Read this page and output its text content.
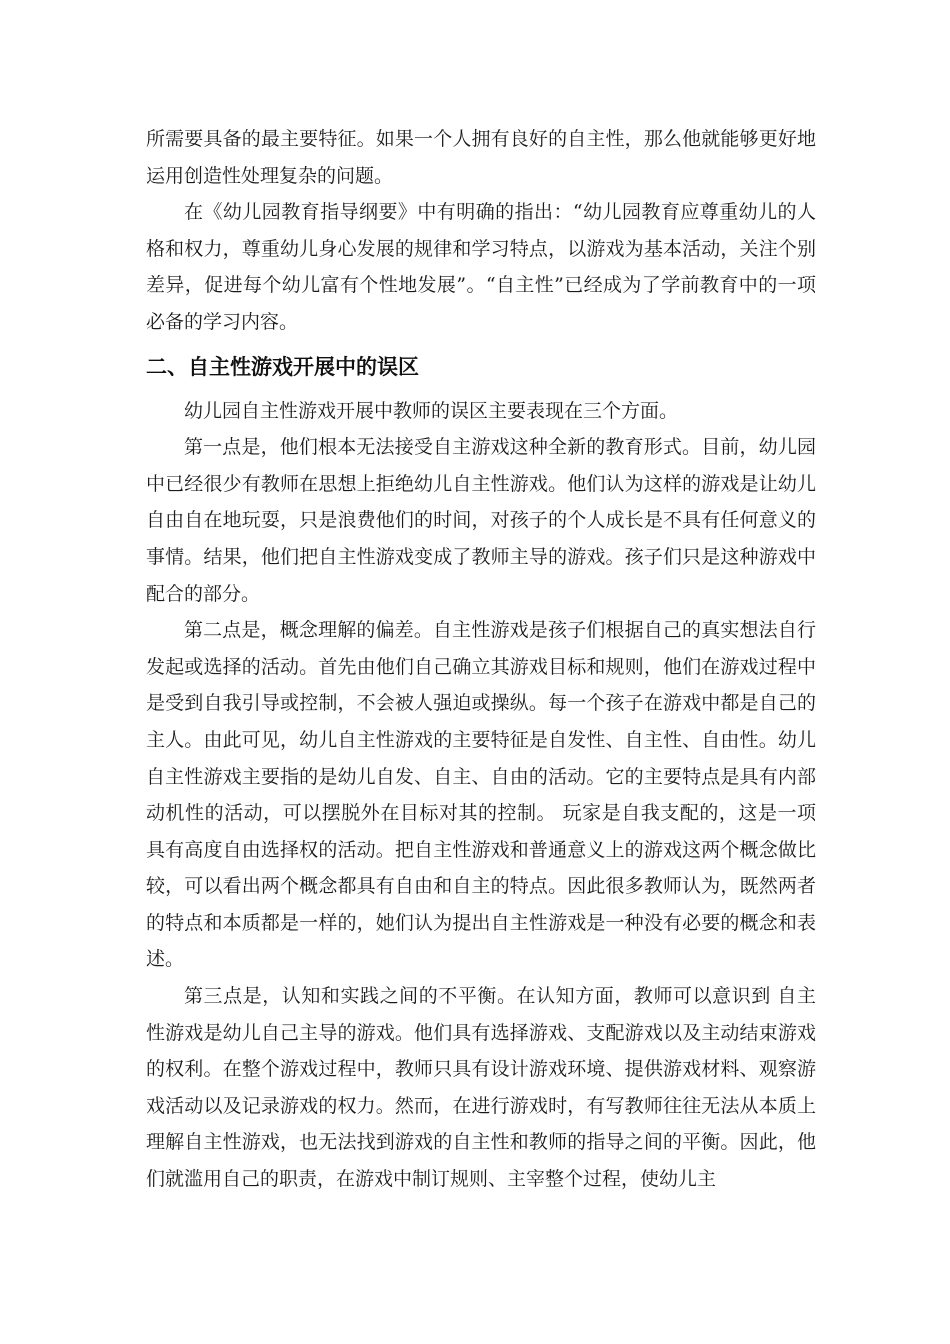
所需要具备的最主要特征。如果一个人拥有良好的自主性，那么他就能够更好地运用创造性处理复杂的问题。

在《幼儿园教育指导纲要》中有明确的指出：“幼儿园教育应尊重幼儿的人格和权力，尊重幼儿身心发展的规律和学习特点，以游戏为基本活动，关注个别差异，促进每个幼儿富有个性地发展”。“自主性”已经成为了学前教育中的一项必备的学习内容。

二、自主性游戏开展中的误区

幼儿园自主性游戏开展中教师的误区主要表现在三个方面。

第一点是，他们根本无法接受自主游戏这种全新的教育形式。目前，幼儿园中已经很少有教师在思想上拒绝幼儿自主性游戏。他们认为这样的游戏是让幼儿自由自在地玩耍，只是浪费他们的时间，对孩子的个人成长是不具有任何意义的事情。结果，他们把自主性游戏变成了教师主导的游戏。孩子们只是这种游戏中配合的部分。

第二点是，概念理解的偏差。自主性游戏是孩子们根据自己的真实想法自行发起或选择的活动。首先由他们自己确立其游戏目标和规则，他们在游戏过程中是受到自我引导或控制，不会被人强迫或操纵。每一个孩子在游戏中都是自己的主人。由此可见，幼儿自主性游戏的主要特征是自发性、自主性、自由性。幼儿自主性游戏主要指的是幼儿自发、自主、自由的活动。它的主要特点是具有内部动机性的活动，可以摆脱外在目标对其的控制。 玩家是自我支配的，这是一项具有高度自由选择权的活动。把自主性游戏和普通意义上的游戏这两个概念做比较，可以看出两个概念都具有自由和自主的特点。因此很多教师认为，既然两者的特点和本质都是一样的，她们认为提出自主性游戏是一种没有必要的概念和表述。

第三点是，认知和实践之间的不平衡。在认知方面，教师可以意识到 自主性游戏是幼儿自己主导的游戏。他们具有选择游戏、支配游戏以及主动结束游戏的权利。在整个游戏过程中，教师只具有设计游戏环境、提供游戏材料、观察游戏活动以及记录游戏的权力。然而，在进行游戏时，有写教师往往无法从本质上理解自主性游戏，也无法找到游戏的自主性和教师的指导之间的平衡。因此，他们就滥用自己的职责，在游戏中制订规则、主宰整个过程，使幼儿主
